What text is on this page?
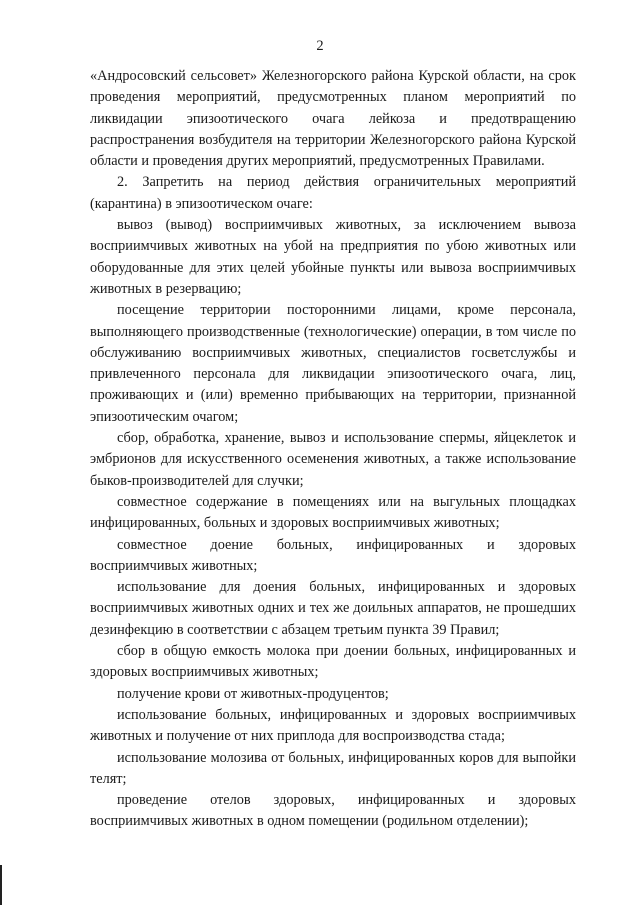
2

«Андросовский сельсовет» Железногорского района Курской области, на срок проведения мероприятий, предусмотренных планом мероприятий по ликвидации эпизоотического очага лейкоза и предотвращению распространения возбудителя на территории Железногорского района Курской области и проведения других мероприятий, предусмотренных Правилами.

2. Запретить на период действия ограничительных мероприятий (карантина) в эпизоотическом очаге:

вывоз (вывод) восприимчивых животных, за исключением вывоза восприимчивых животных на убой на предприятия по убою животных или оборудованные для этих целей убойные пункты или вывоза восприимчивых животных в резервацию;

посещение территории посторонними лицами, кроме персонала, выполняющего производственные (технологические) операции, в том числе по обслуживанию восприимчивых животных, специалистов госветслужбы и привлеченного персонала для ликвидации эпизоотического очага, лиц, проживающих и (или) временно прибывающих на территории, признанной эпизоотическим очагом;

сбор, обработка, хранение, вывоз и использование спермы, яйцеклеток и эмбрионов для искусственного осеменения животных, а также использование быков-производителей для случки;

совместное содержание в помещениях или на выгульных площадках инфицированных, больных и здоровых восприимчивых животных;

совместное доение больных, инфицированных и здоровых восприимчивых животных;

использование для доения больных, инфицированных и здоровых восприимчивых животных одних и тех же доильных аппаратов, не прошедших дезинфекцию в соответствии с абзацем третьим пункта 39 Правил;

сбор в общую емкость молока при доении больных, инфицированных и здоровых восприимчивых животных;

получение крови от животных-продуцентов;

использование больных, инфицированных и здоровых восприимчивых животных и получение от них приплода для воспроизводства стада;

использование молозива от больных, инфицированных коров для выпойки телят;

проведение отелов здоровых, инфицированных и здоровых восприимчивых животных в одном помещении (родильном отделении);
